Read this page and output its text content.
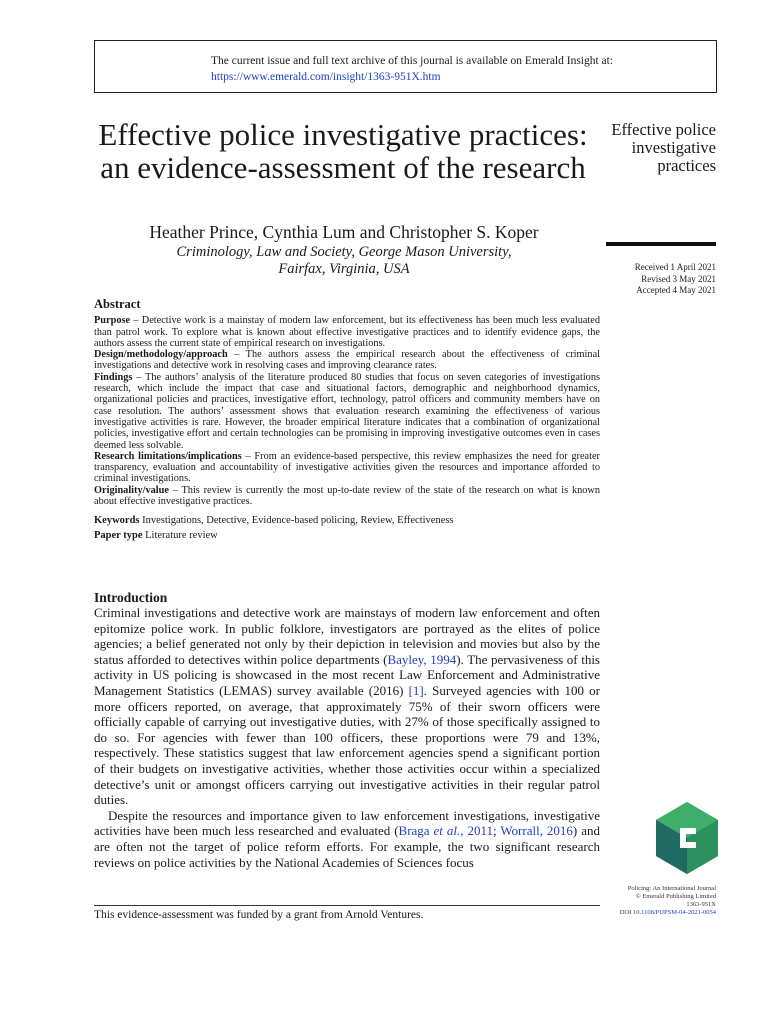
The current issue and full text archive of this journal is available on Emerald Insight at:
https://www.emerald.com/insight/1363-951X.htm
Effective police investigative practices: an evidence-assessment of the research
Heather Prince, Cynthia Lum and Christopher S. Koper
Criminology, Law and Society, George Mason University,
Fairfax, Virginia, USA
Effective police
investigative
practices
Received 1 April 2021
Revised 3 May 2021
Accepted 4 May 2021
Abstract

Purpose – Detective work is a mainstay of modern law enforcement, but its effectiveness has been much less evaluated than patrol work. To explore what is known about effective investigative practices and to identify evidence gaps, the authors assess the current state of empirical research on investigations.

Design/methodology/approach – The authors assess the empirical research about the effectiveness of criminal investigations and detective work in resolving cases and improving clearance rates.

Findings – The authors’ analysis of the literature produced 80 studies that focus on seven categories of investigations research, which include the impact that case and situational factors, demographic and neighborhood dynamics, organizational policies and practices, investigative effort, technology, patrol officers and community members have on case resolution. The authors’ assessment shows that evaluation research examining the effectiveness of various investigative activities is rare. However, the broader empirical literature indicates that a combination of organizational policies, investigative effort and certain technologies can be promising in improving investigative outcomes even in cases deemed less solvable.

Research limitations/implications – From an evidence-based perspective, this review emphasizes the need for greater transparency, evaluation and accountability of investigative activities given the resources and importance afforded to criminal investigations.

Originality/value – This review is currently the most up-to-date review of the state of the research on what is known about effective investigative practices.

Keywords Investigations, Detective, Evidence-based policing, Review, Effectiveness

Paper type Literature review

Introduction

Criminal investigations and detective work are mainstays of modern law enforcement and often epitomize police work. In public folklore, investigators are portrayed as the elites of police agencies; a belief generated not only by their depiction in television and movies but also by the status afforded to detectives within police departments (Bayley, 1994). The pervasiveness of this activity in US policing is showcased in the most recent Law Enforcement and Administrative Management Statistics (LEMAS) survey available (2016) [1]. Surveyed agencies with 100 or more officers reported, on average, that approximately 75% of their sworn officers were officially capable of carrying out investigative duties, with 27% of those specifically assigned to do so. For agencies with fewer than 100 officers, these proportions were 79 and 13%, respectively. These statistics suggest that law enforcement agencies spend a significant portion of their budgets on investigative activities, whether those activities occur within a specialized detective’s unit or amongst officers carrying out investigative activities in their regular patrol duties.

Despite the resources and importance given to law enforcement investigations, investigative activities have been much less researched and evaluated (Braga et al., 2011; Worrall, 2016) and are often not the target of police reform efforts. For example, the two significant research reviews on police activities by the National Academies of Sciences focus

This evidence-assessment was funded by a grant from Arnold Ventures.
Policing: An International Journal
© Emerald Publishing Limited
1363-951X
DOI 10.1108/PIJPSM-04-2021-0054
